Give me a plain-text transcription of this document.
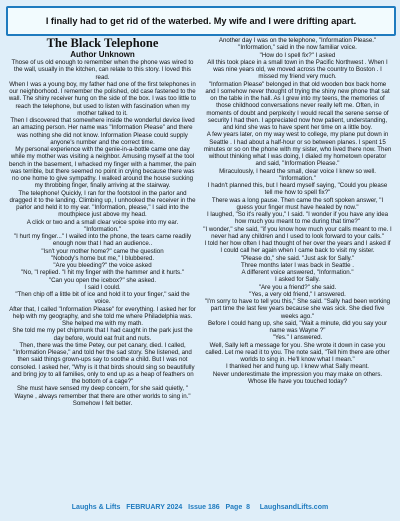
I finally had to get rid of the waterbed. My wife and I were drifting apart.

The Black Telephone

Author Unknown

Those of us old enough to remember when the phone was wired to the wall, usually in the kitchen, can relate to this story. I loved this read.

When I was a young boy, my father had one of the first telephones in our neighborhood. I remember the polished, old case fastened to the wall. The shiny receiver hung on the side of the box. I was too little to reach the telephone, but used to listen with fascination when my mother talked to it.

Then I discovered that somewhere inside the wonderful device lived an amazing person. Her name was "Information Please" and there was nothing she did not know. Information Please could supply anyone's number and the correct time.

My personal experience with the genie-in-a-bottle came one day while my mother was visiting a neighbor. Amusing myself at the tool bench in the basement, I whacked my finger with a hammer, the pain was terrible, but there seemed no point in crying because there was no one home to give sympathy. I walked around the house sucking my throbbing finger, finally arriving at the stairway.

The telephone! Quickly, I ran for the footstool in the parlor and dragged it to the landing. Climbing up, I unhooked the receiver in the parlor and held it to my ear. "Information, please," I said into the mouthpiece just above my head.

A click or two and a small clear voice spoke into my ear. "Information."

"I hurt my finger..." I wailed into the phone, the tears came readily enough now that I had an audience..

"Isn't your mother home?" came the question

"Nobody's home but me," I blubbered.

"Are you bleeding?" the voice asked

"No, "I replied. "I hit my finger with the hammer and it hurts."

"Can you open the icebox?" she asked.

I said I could.

"Then chip off a little bit of ice and hold it to your finger," said the voice.

After that, I called "Information Please" for everything. I asked her for help with my geography, and she told me where Philadelphia was. She helped me with my math.

She told me my pet chipmunk that I had caught in the park just the day before, would eat fruit and nuts.

Then, there was the time Petey, our pet canary, died. I called, "Information Please," and told her the sad story. She listened, and then said things grown-ups say to soothe a child. But I was not consoled. I asked her, "Why is it that birds should sing so beautifully and bring joy to all families, only to end up as a heap of feathers on the bottom of a cage?"

She must have sensed my deep concern, for she said quietly, " Wayne , always remember that there are other worlds to sing in." Somehow I felt better.

Another day I was on the telephone, "Information Please." "Information," said in the now familiar voice.

"How do I spell fix?" I asked

All this took place in a small town in the Pacific Northwest . When I was nine years old, we moved across the country to Boston . I missed my friend very much.

"Information Please" belonged in that old wooden box back home and I somehow never thought of trying the shiny new phone that sat on the table in the hall. As I grew into my teens, the memories of those childhood conversations never really left me. Often, in moments of doubt and perplexity I would recall the serene sense of security I had then. I appreciated now how patient, understanding, and kind she was to have spent her time on a little boy.

A few years later, on my way west to college, my plane put down in Seattle . I had about a half-hour or so between planes. I spent 15 minutes or so on the phone with my sister, who lived there now. Then without thinking what I was doing, I dialed my hometown operator and said, "Information Please."

Miraculously, I heard the small, clear voice I knew so well. "Information."

I hadn't planned this, but I heard myself saying, "Could you please tell me how to spell fix?"

There was a long pause. Then came the soft spoken answer, "I guess your finger must have healed by now."

I laughed, "So it's really you," I said. "I wonder if you have any idea how much you meant to me during that time?"

"I wonder," she said, "if you know how much your calls meant to me. I never had any children and I used to look forward to your calls."

I told her how often I had thought of her over the years and I asked if I could call her again when I came back to visit my sister.

"Please do," she said. "Just ask for Sally."

Three months later I was back in Seattle .

A different voice answered, "Information."

I asked for Sally.

"Are you a friend?" she said.

"Yes, a very old friend," I answered.

"I'm sorry to have to tell you this," She said. "Sally had been working part time the last few years because she was sick. She died five weeks ago."

Before I could hang up, she said, "Wait a minute, did you say your name was Wayne ?"

"Yes." I answered.

Well, Sally left a message for you. She wrote it down in case you called. Let me read it to you. The note said, "Tell him there are other worlds to sing in. He'll know what I mean."

I thanked her and hung up. I knew what Sally meant.

Never underestimate the impression you may make on others.

Whose life have you touched today?

Laughs & Lifts
FEBRUARY 2024
Issue 186
Page  8
LaughsandLifts.com
